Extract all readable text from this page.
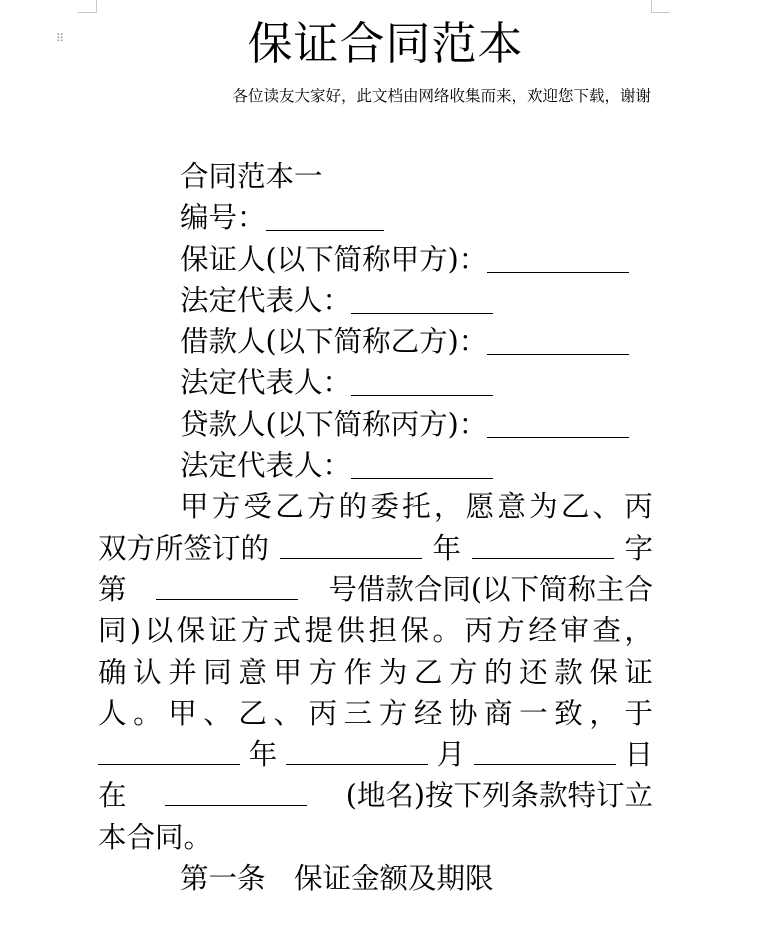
⠿	保证合同范本
各位读友大家好，此文档由网络收集而来，欢迎您下载，谢谢
合同范本一
编号：
保证人(以下简称甲方)：
法定代表人：
借款人(以下简称乙方)：
法定代表人：
贷款人(以下简称丙方)：
法定代表人：
甲 方 受 乙 方 的 委 托 ， 愿 意 为 乙 、 丙
双方所签订的	年	字
第	号借款合同(以下简称主合
同 ) 以 保 证 方 式 提 供 担 保 。 丙 方 经 审 查 ，
确 认 并 同 意 甲 方 作 为 乙 方 的 还 款 保 证
人 。 甲 、 乙 、 丙 三 方 经 协 商 一 致 ， 于
年	月	日
在	(地名)按下列条款特订立
本合同。
第一条　保证金额及期限
